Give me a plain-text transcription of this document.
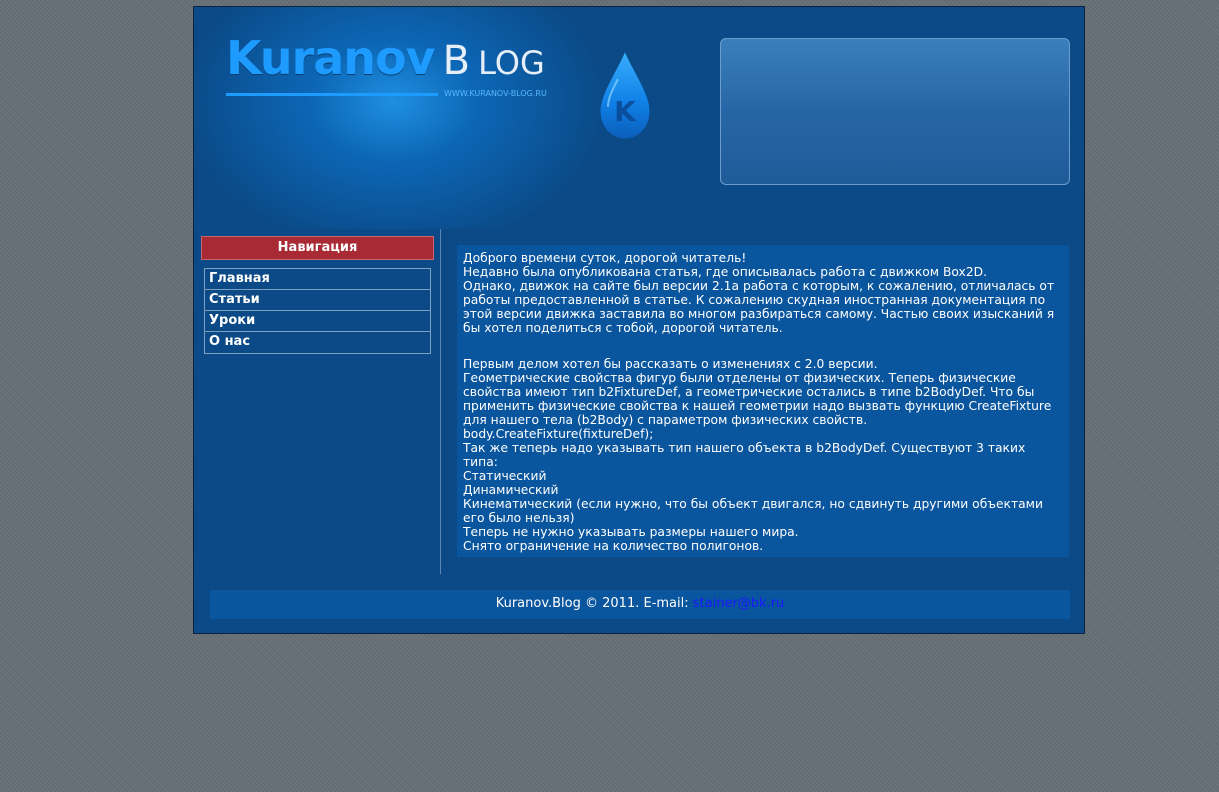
Kuranov B LOG
WWW.KURANOV-BLOG.RU
K
Навигация
Главная
Статьи
Уроки
О нас

Доброго времени суток, дорогой читатель!

Недавно была опубликована статья, где описывалась работа с движком Box2D.

Однако, движок на сайте был версии 2.1a работа с которым, к сожалению, отличалась от работы предоставленной в статье. К сожалению скудная иностранная документация по этой версии движка заставила во многом разбираться самому. Частью своих изысканий я бы хотел поделиться с тобой, дорогой читатель.

Первым делом хотел бы рассказать о изменениях с 2.0 версии.

Геометрические свойства фигур были отделены от физических. Теперь физические свойства имеют тип b2FixtureDef, а геометрические остались в типе b2BodyDef. Что бы применить физические свойства к нашей геометрии надо вызвать функцию CreateFixture для нашего тела (b2Body) с параметром физических свойств.

body.CreateFixture(fixtureDef);

Так же теперь надо указывать тип нашего объекта в b2BodyDef. Существуют 3 таких типа:

Статический

Динамический

Кинематический (если нужно, что бы объект двигался, но сдвинуть другими объектами его было нельзя)

Теперь не нужно указывать размеры нашего мира.

Снято ограничение на количество полигонов.

Kuranov.Blog © 2011. E-mail: stainer@bk.ru
